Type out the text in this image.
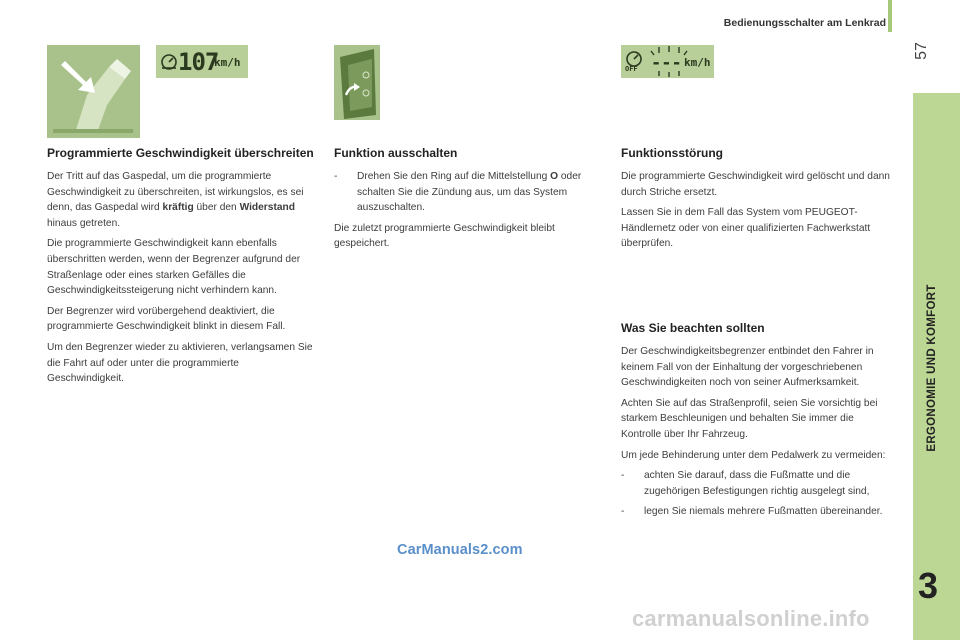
Bedienungsschalter am Lenkrad
57
ERGONOMIE UND KOMFORT
3
107
km/h	OFF --- km/h
Programmierte Geschwindigkeit überschreiten

Der Tritt auf das Gaspedal, um die programmierte Geschwindigkeit zu überschreiten, ist wirkungslos, es sei denn, das Gaspedal wird kräftig über den Widerstand hinaus getreten.

Die programmierte Geschwindigkeit kann ebenfalls überschritten werden, wenn der Begrenzer aufgrund der Straßenlage oder eines starken Gefälles die Geschwindigkeitssteigerung nicht verhindern kann.

Der Begrenzer wird vorübergehend deaktiviert, die programmierte Geschwindigkeit blinkt in diesem Fall.

Um den Begrenzer wieder zu aktivieren, verlangsamen Sie die Fahrt auf oder unter die programmierte Geschwindigkeit.

Funktion ausschalten
- Drehen Sie den Ring auf die Mittelstellung O oder schalten Sie die Zündung aus, um das System auszuschalten.

Die zuletzt programmierte Geschwindigkeit bleibt gespeichert.

Funktionsstörung

Die programmierte Geschwindigkeit wird gelöscht und dann durch Striche ersetzt.

Lassen Sie in dem Fall das System vom PEUGEOT-Händlernetz oder von einer qualifizierten Fachwerkstatt überprüfen.

Was Sie beachten sollten

Der Geschwindigkeitsbegrenzer entbindet den Fahrer in keinem Fall von der Einhaltung der vorgeschriebenen Geschwindigkeiten noch von seiner Aufmerksamkeit.

Achten Sie auf das Straßenprofil, seien Sie vorsichtig bei starkem Beschleunigen und behalten Sie immer die Kontrolle über Ihr Fahrzeug.

Um jede Behinderung unter dem Pedalwerk zu vermeiden:

- achten Sie darauf, dass die Fußmatte und die zugehörigen Befestigungen richtig ausgelegt sind,
- legen Sie niemals mehrere Fußmatten übereinander.
CarManuals2.com
carmanualsonline.info
